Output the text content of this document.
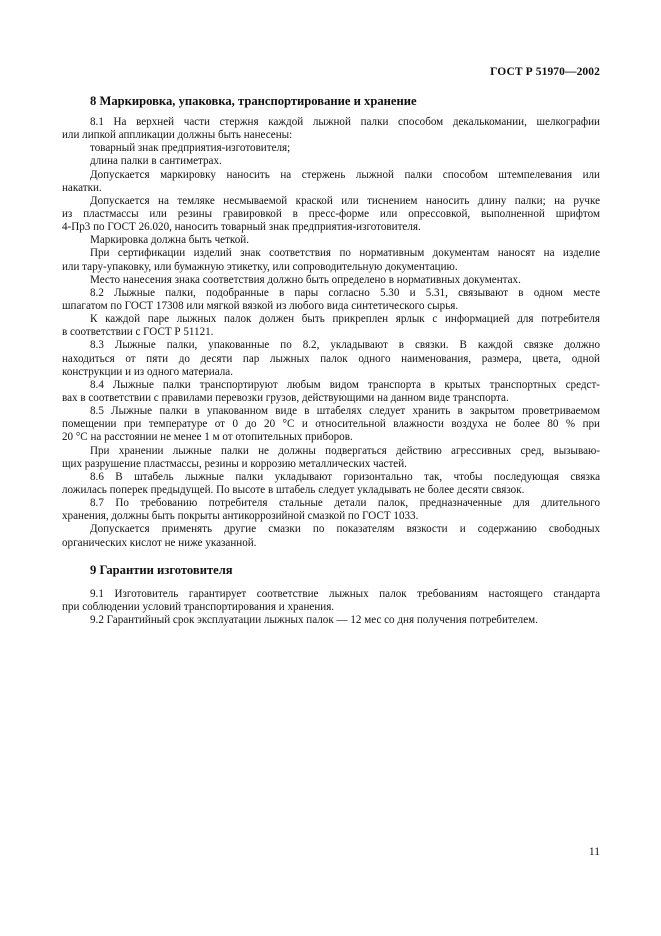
ГОСТ Р 51970—2002
8 Маркировка, упаковка, транспортирование и хранение
8.1 На верхней части стержня каждой лыжной палки способом декалькомании, шелкографии
или липкой аппликации должны быть нанесены:
товарный знак предприятия-изготовителя;
длина палки в сантиметрах.
Допускается маркировку наносить на стержень лыжной палки способом штемпелевания или
накатки.
Допускается на темляке несмываемой краской или тиснением наносить длину палки; на ручке
из пластмассы или резины гравировкой в пресс-форме или опрессовкой, выполненной шрифтом
4-Пр3 по ГОСТ 26.020, наносить товарный знак предприятия-изготовителя.
Маркировка должна быть четкой.
При сертификации изделий знак соответствия по нормативным документам наносят на изделие
или тару-упаковку, или бумажную этикетку, или сопроводительную документацию.
Место нанесения знака соответствия должно быть определено в нормативных документах.
8.2 Лыжные палки, подобранные в пары согласно 5.30 и 5.31, связывают в одном месте
шпагатом по ГОСТ 17308 или мягкой вязкой из любого вида синтетического сырья.
К каждой паре лыжных палок должен быть прикреплен ярлык с информацией для потребителя
в соответствии с ГОСТ Р 51121.
8.3 Лыжные палки, упакованные по 8.2, укладывают в связки. В каждой связке должно
находиться от пяти до десяти пар лыжных палок одного наименования, размера, цвета, одной
конструкции и из одного материала.
8.4 Лыжные палки транспортируют любым видом транспорта в крытых транспортных средст-
вах в соответствии с правилами перевозки грузов, действующими на данном виде транспорта.
8.5 Лыжные палки в упакованном виде в штабелях следует хранить в закрытом проветриваемом
помещении при температуре от 0 до 20 °С и относительной влажности воздуха не более 80 % при
20 °С на расстоянии не менее 1 м от отопительных приборов.
При хранении лыжные палки не должны подвергаться действию агрессивных сред, вызываю-
щих разрушение пластмассы, резины и коррозию металлических частей.
8.6 В штабель лыжные палки укладывают горизонтально так, чтобы последующая связка
ложилась поперек предыдущей. По высоте в штабель следует укладывать не более десяти связок.
8.7 По требованию потребителя стальные детали палок, предназначенные для длительного
хранения, должны быть покрыты антикоррозийной смазкой по ГОСТ 1033.
Допускается применять другие смазки по показателям вязкости и содержанию свободных
органических кислот не ниже указанной.
9 Гарантии изготовителя
9.1 Изготовитель гарантирует соответствие лыжных палок требованиям настоящего стандарта
при соблюдении условий транспортирования и хранения.
9.2 Гарантийный срок эксплуатации лыжных палок — 12 мес со дня получения потребителем.
11
